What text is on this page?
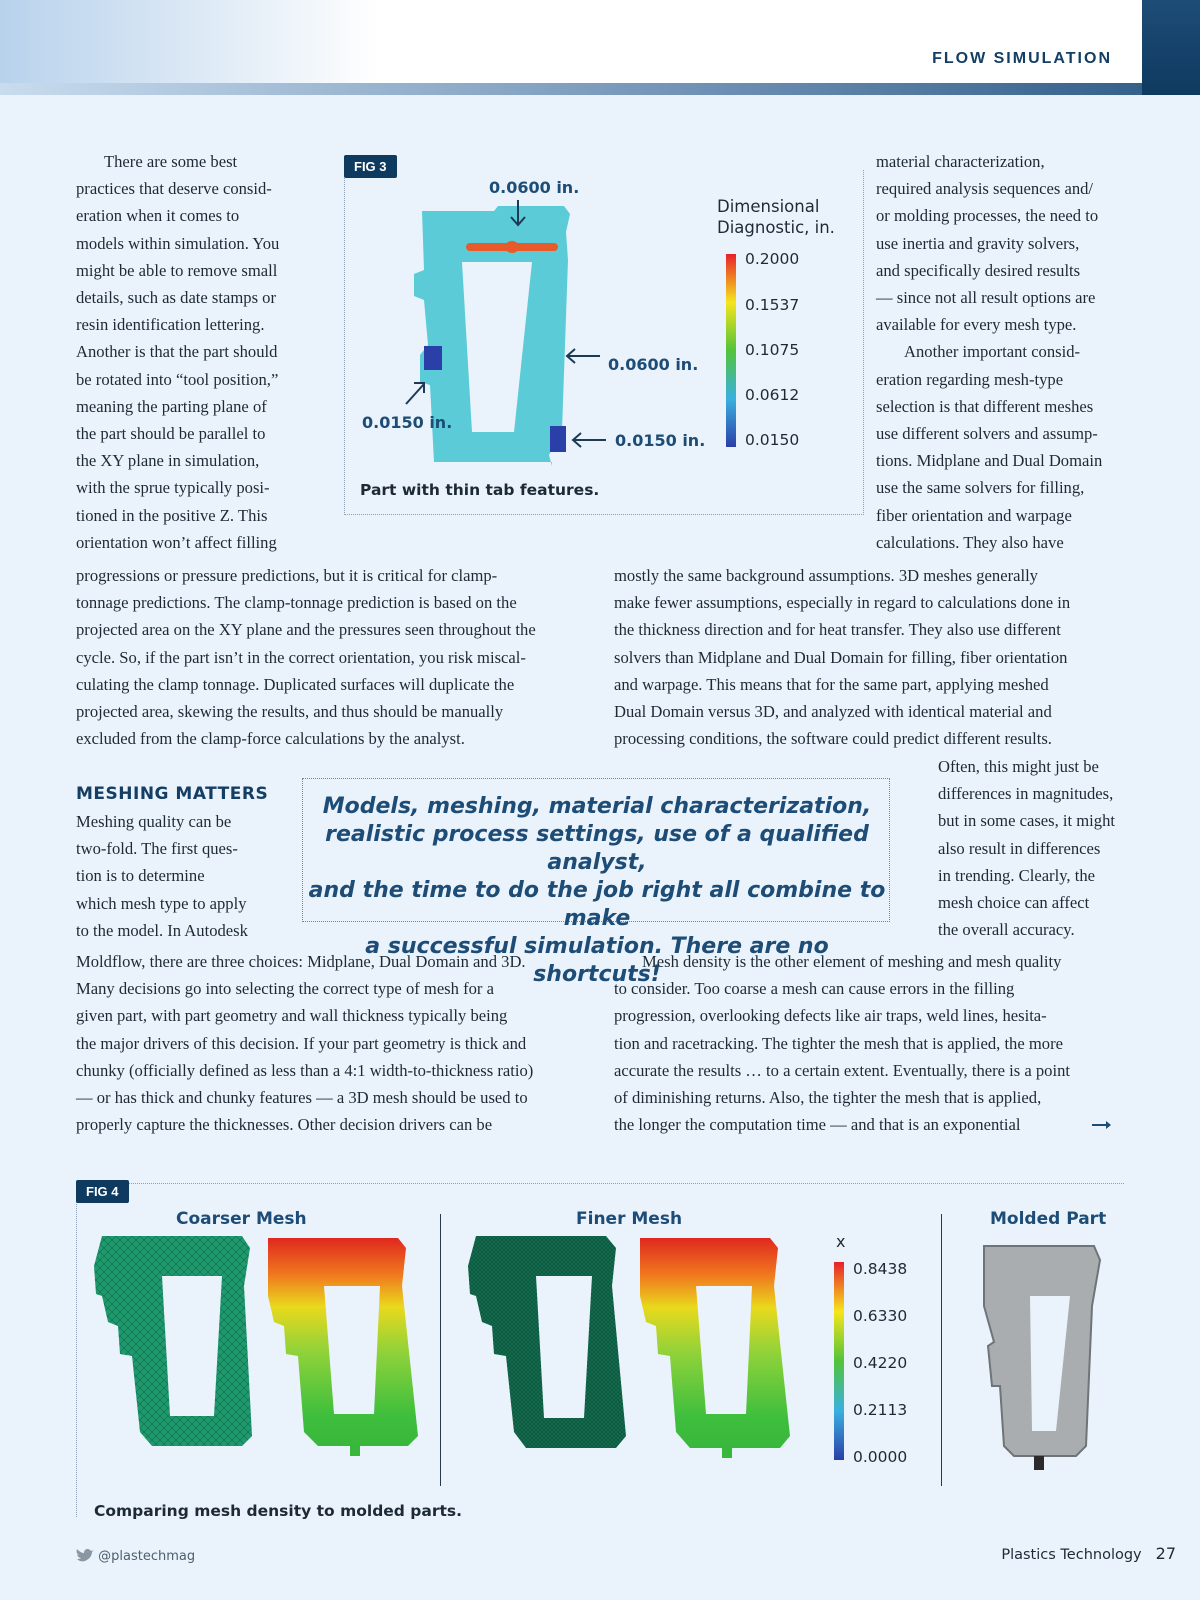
FLOW SIMULATION

There are some best

practices that deserve consid-

eration when it comes to

models within simulation. You

might be able to remove small

details, such as date stamps or

resin identification lettering.

Another is that the part should

be rotated into “tool position,”

meaning the parting plane of

the part should be parallel to

the XY plane in simulation,

with the sprue typically posi-

tioned in the positive Z. This

orientation won’t affect filling

material characterization,

required analysis sequences and/

or molding processes, the need to

use inertia and gravity solvers,

and specifically desired results

— since not all result options are

available for every mesh type.

Another important consid-

eration regarding mesh-type

selection is that different meshes

use different solvers and assump-

tions. Midplane and Dual Domain

use the same solvers for filling,

fiber orientation and warpage

calculations. They also have

FIG 3
0.0600 in.
0.0600 in.
0.0150 in.
0.0150 in.
Dimensional
Diagnostic, in.
0.2000
0.1537
0.1075
0.0612
0.0150
Part with thin tab features.

progressions or pressure predictions, but it is critical for clamp-

tonnage predictions. The clamp-tonnage prediction is based on the

projected area on the XY plane and the pressures seen throughout the

cycle. So, if the part isn’t in the correct orientation, you risk miscal-

culating the clamp tonnage. Duplicated surfaces will duplicate the

projected area, skewing the results, and thus should be manually

excluded from the clamp-force calculations by the analyst.

mostly the same background assumptions. 3D meshes generally

make fewer assumptions, especially in regard to calculations done in

the thickness direction and for heat transfer. They also use different

solvers than Midplane and Dual Domain for filling, fiber orientation

and warpage. This means that for the same part, applying meshed

Dual Domain versus 3D, and analyzed with identical material and

processing conditions, the software could predict different results.

MESHING MATTERS

Meshing quality can be

two-fold. The first ques-

tion is to determine

which mesh type to apply

to the model. In Autodesk

Often, this might just be

differences in magnitudes,

but in some cases, it might

also result in differences

in trending. Clearly, the

mesh choice can affect

the overall accuracy.

Models, meshing, material characterization,
realistic process settings, use of a qualified analyst,
and the time to do the job right all combine to make
a successful simulation. There are no shortcuts!

Moldflow, there are three choices: Midplane, Dual Domain and 3D.

Many decisions go into selecting the correct type of mesh for a

given part, with part geometry and wall thickness typically being

the major drivers of this decision. If your part geometry is thick and

chunky (officially defined as less than a 4:1 width-to-thickness ratio)

— or has thick and chunky features — a 3D mesh should be used to

properly capture the thicknesses. Other decision drivers can be

Mesh density is the other element of meshing and mesh quality

to consider. Too coarse a mesh can cause errors in the filling

progression, overlooking defects like air traps, weld lines, hesita-

tion and racetracking. The tighter the mesh that is applied, the more

accurate the results … to a certain extent. Eventually, there is a point

of diminishing returns. Also, the tighter the mesh that is applied,

the longer the computation time — and that is an exponential

FIG 4
Coarser Mesh	Finer Mesh	Molded Part
x
0.8438
0.6330
0.4220
0.2113
0.0000
Comparing mesh density to molded parts.
@plastechmag	Plastics Technology 27
